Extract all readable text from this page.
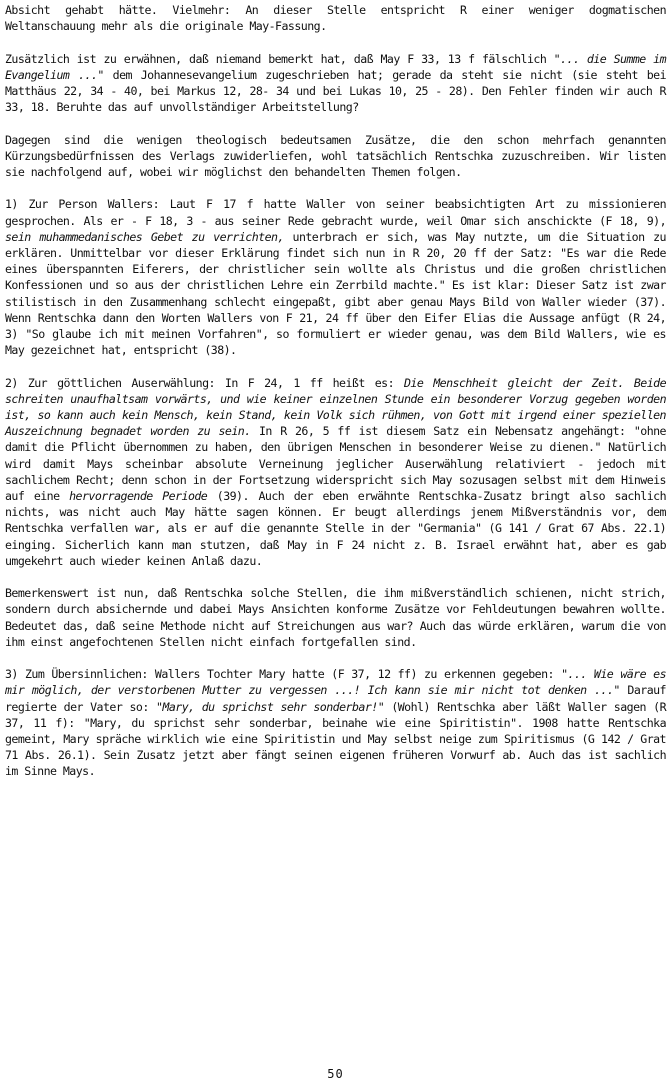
Absicht gehabt hätte. Vielmehr: An dieser Stelle entspricht R einer weniger dogmatischen Weltanschauung mehr als die originale May-Fassung.

Zusätzlich ist zu erwähnen, daß niemand bemerkt hat, daß May F 33, 13 f fälschlich "... die Summe im Evangelium ..." dem Johannesevangelium zugeschrieben hat; gerade da steht sie nicht (sie steht bei Matthäus 22, 34 - 40, bei Markus 12, 28- 34 und bei Lukas 10, 25 - 28). Den Fehler finden wir auch R 33, 18. Beruhte das auf unvollständiger Arbeitstellung?

Dagegen sind die wenigen theologisch bedeutsamen Zusätze, die den schon mehrfach genannten Kürzungsbedürfnissen des Verlags zuwiderliefen, wohl tatsächlich Rentschka zuzuschreiben. Wir listen sie nachfolgend auf, wobei wir möglichst den behandelten Themen folgen.

1) Zur Person Wallers: Laut F 17 f hatte Waller von seiner beabsichtigten Art zu missionieren gesprochen. Als er - F 18, 3 - aus seiner Rede gebracht wurde, weil Omar sich anschickte (F 18, 9), sein muhammedanisches Gebet zu verrichten, unterbrach er sich, was May nutzte, um die Situation zu erklären. Unmittelbar vor dieser Erklärung findet sich nun in R 20, 20 ff der Satz: "Es war die Rede eines überspannten Eiferers, der christlicher sein wollte als Christus und die großen christlichen Konfessionen und so aus der christlichen Lehre ein Zerrbild machte." Es ist klar: Dieser Satz ist zwar stilistisch in den Zusammenhang schlecht eingepaßt, gibt aber genau Mays Bild von Waller wieder (37). Wenn Rentschka dann den Worten Wallers von F 21, 24 ff über den Eifer Elias die Aussage anfügt (R 24, 3) "So glaube ich mit meinen Vorfahren", so formuliert er wieder genau, was dem Bild Wallers, wie es May gezeichnet hat, entspricht (38).

2) Zur göttlichen Auserwählung: In F 24, 1 ff heißt es: Die Menschheit gleicht der Zeit. Beide schreiten unaufhaltsam vorwärts, und wie keiner einzelnen Stunde ein besonderer Vorzug gegeben worden ist, so kann auch kein Mensch, kein Stand, kein Volk sich rühmen, von Gott mit irgend einer speziellen Auszeichnung begnadet worden zu sein. In R 26, 5 ff ist diesem Satz ein Nebensatz angehängt: "ohne damit die Pflicht übernommen zu haben, den übrigen Menschen in besonderer Weise zu dienen." Natürlich wird damit Mays scheinbar absolute Verneinung jeglicher Auserwählung relativiert - jedoch mit sachlichem Recht; denn schon in der Fortsetzung widerspricht sich May sozusagen selbst mit dem Hinweis auf eine hervorragende Periode (39). Auch der eben erwähnte Rentschka-Zusatz bringt also sachlich nichts, was nicht auch May hätte sagen können. Er beugt allerdings jenem Mißverständnis vor, dem Rentschka verfallen war, als er auf die genannte Stelle in der "Germania" (G 141 / Grat 67 Abs. 22.1) einging. Sicherlich kann man stutzen, daß May in F 24 nicht z. B. Israel erwähnt hat, aber es gab umgekehrt auch wieder keinen Anlaß dazu.

Bemerkenswert ist nun, daß Rentschka solche Stellen, die ihm mißverständlich schienen, nicht strich, sondern durch absichernde und dabei Mays Ansichten konforme Zusätze vor Fehldeutungen bewahren wollte. Bedeutet das, daß seine Methode nicht auf Streichungen aus war? Auch das würde erklären, warum die von ihm einst angefochtenen Stellen nicht einfach fortgefallen sind.

3) Zum Übersinnlichen: Wallers Tochter Mary hatte (F 37, 12 ff) zu erkennen gegeben: "... Wie wäre es mir möglich, der verstorbenen Mutter zu vergessen ...! Ich kann sie mir nicht tot denken ..." Darauf regierte der Vater so: "Mary, du sprichst sehr sonderbar!" (Wohl) Rentschka aber läßt Waller sagen (R 37, 11 f): "Mary, du sprichst sehr sonderbar, beinahe wie eine Spiritistin". 1908 hatte Rentschka gemeint, Mary spräche wirklich wie eine Spiritistin und May selbst neige zum Spiritismus (G 142 / Grat 71 Abs. 26.1). Sein Zusatz jetzt aber fängt seinen eigenen früheren Vorwurf ab. Auch das ist sachlich im Sinne Mays.

50
